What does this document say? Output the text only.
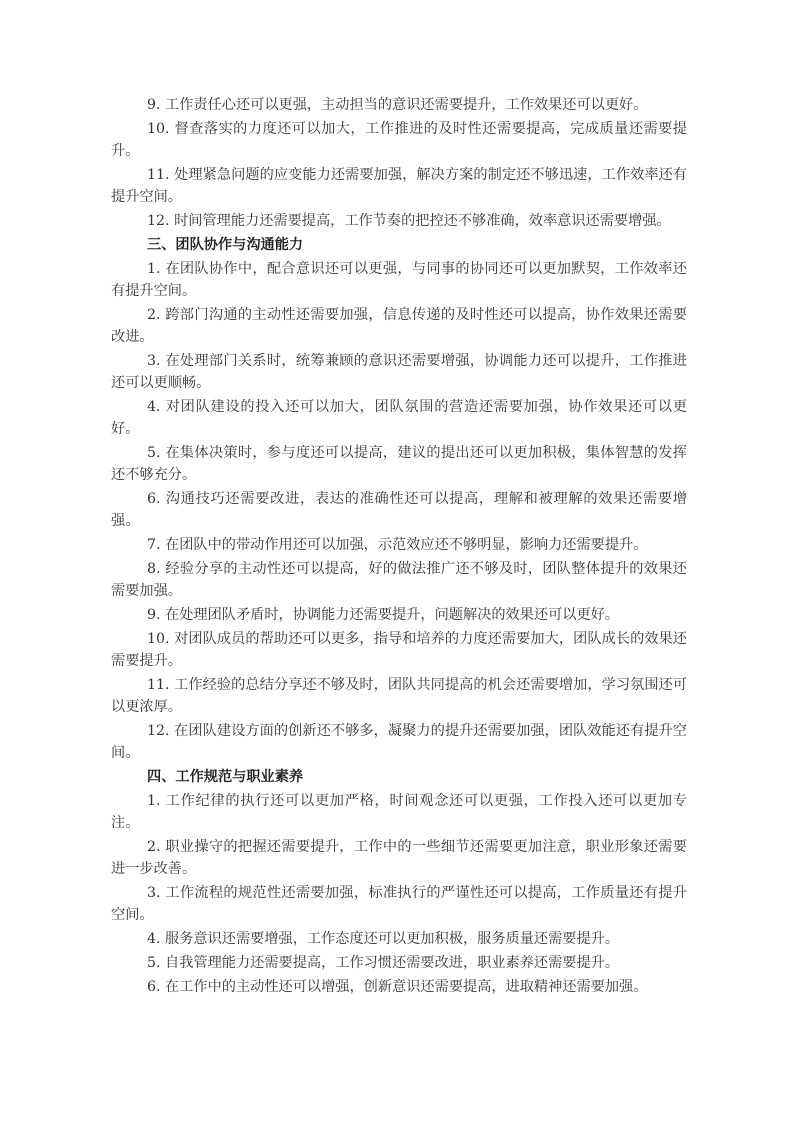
9. 工作责任心还可以更强，主动担当的意识还需要提升，工作效果还可以更好。

10. 督查落实的力度还可以加大，工作推进的及时性还需要提高，完成质量还需要提升。

11. 处理紧急问题的应变能力还需要加强，解决方案的制定还不够迅速，工作效率还有提升空间。

12. 时间管理能力还需要提高，工作节奏的把控还不够准确，效率意识还需要增强。

三、团队协作与沟通能力

1. 在团队协作中，配合意识还可以更强，与同事的协同还可以更加默契，工作效率还有提升空间。

2. 跨部门沟通的主动性还需要加强，信息传递的及时性还可以提高，协作效果还需要改进。

3. 在处理部门关系时，统筹兼顾的意识还需要增强，协调能力还可以提升，工作推进还可以更顺畅。

4. 对团队建设的投入还可以加大，团队氛围的营造还需要加强，协作效果还可以更好。

5. 在集体决策时，参与度还可以提高，建议的提出还可以更加积极，集体智慧的发挥还不够充分。

6. 沟通技巧还需要改进，表达的准确性还可以提高，理解和被理解的效果还需要增强。

7. 在团队中的带动作用还可以加强，示范效应还不够明显，影响力还需要提升。

8. 经验分享的主动性还可以提高，好的做法推广还不够及时，团队整体提升的效果还需要加强。

9. 在处理团队矛盾时，协调能力还需要提升，问题解决的效果还可以更好。

10. 对团队成员的帮助还可以更多，指导和培养的力度还需要加大，团队成长的效果还需要提升。

11. 工作经验的总结分享还不够及时，团队共同提高的机会还需要增加，学习氛围还可以更浓厚。

12. 在团队建设方面的创新还不够多，凝聚力的提升还需要加强，团队效能还有提升空间。

四、工作规范与职业素养

1. 工作纪律的执行还可以更加严格，时间观念还可以更强，工作投入还可以更加专注。

2. 职业操守的把握还需要提升，工作中的一些细节还需要更加注意，职业形象还需要进一步改善。

3. 工作流程的规范性还需要加强，标准执行的严谨性还可以提高，工作质量还有提升空间。

4. 服务意识还需要增强，工作态度还可以更加积极，服务质量还需要提升。

5. 自我管理能力还需要提高，工作习惯还需要改进，职业素养还需要提升。

6. 在工作中的主动性还可以增强，创新意识还需要提高，进取精神还需要加强。
